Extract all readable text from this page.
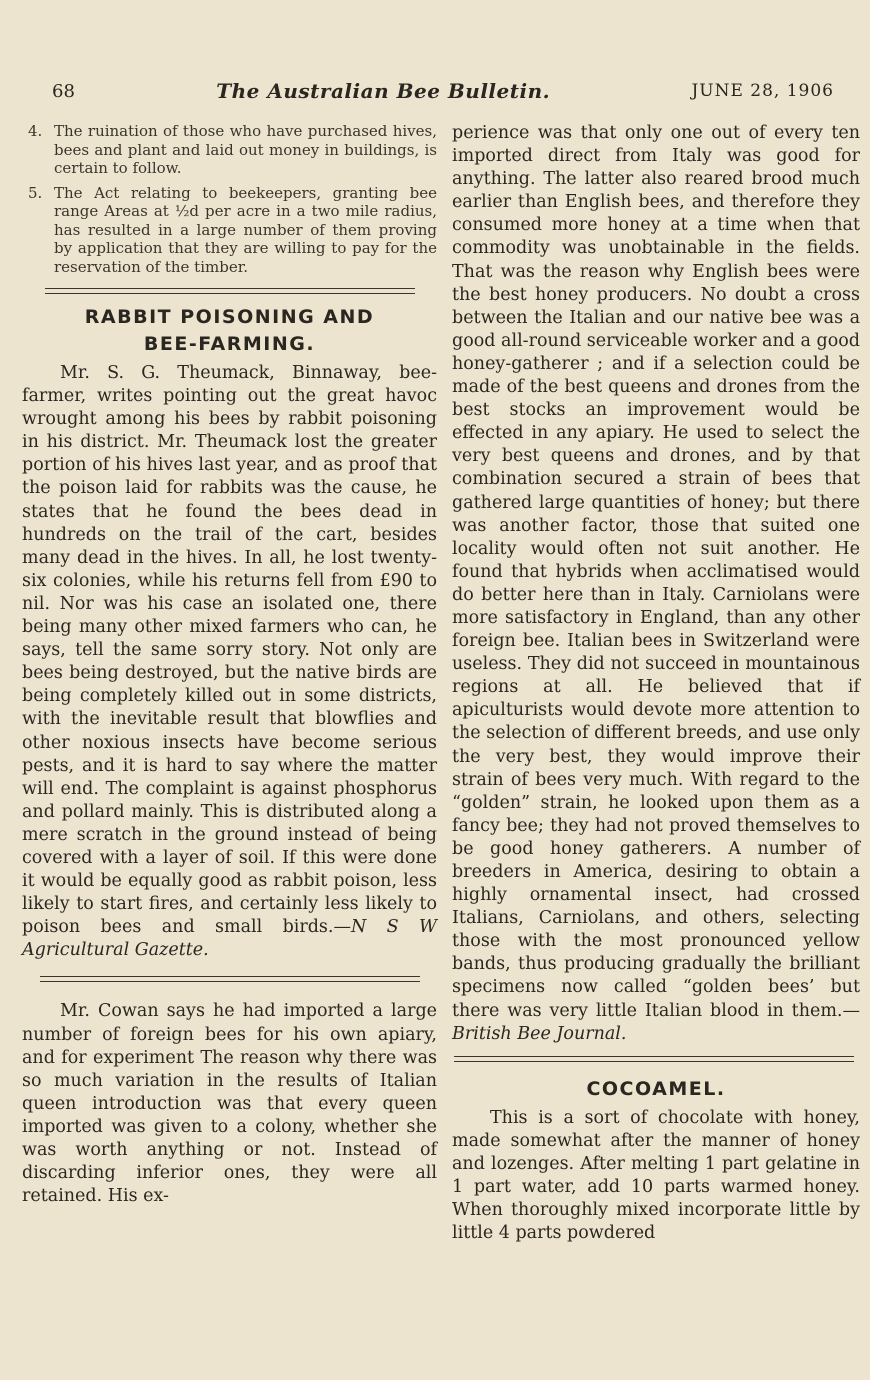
68	The Australian Bee Bulletin.	JUNE 28, 1906
4. The ruination of those who have purchased hives, bees and plant and laid out money in buildings, is certain to follow.
5. The Act relating to beekeepers, granting bee range Areas at ½d per acre in a two mile radius, has resulted in a large number of them proving by application that they are willing to pay for the reservation of the timber.
RABBIT POISONING AND
BEE-FARMING.

Mr. S. G. Theumack, Binnaway, bee-farmer, writes pointing out the great havoc wrought among his bees by rabbit poisoning in his district. Mr. Theumack lost the greater portion of his hives last year, and as proof that the poison laid for rabbits was the cause, he states that he found the bees dead in hundreds on the trail of the cart, besides many dead in the hives. In all, he lost twenty-six colonies, while his returns fell from £90 to nil. Nor was his case an isolated one, there being many other mixed farmers who can, he says, tell the same sorry story. Not only are bees being destroyed, but the native birds are being completely killed out in some districts, with the inevitable result that blowflies and other noxious insects have become serious pests, and it is hard to say where the matter will end. The complaint is against phosphorus and pollard mainly. This is distributed along a mere scratch in the ground instead of being covered with a layer of soil. If this were done it would be equally good as rabbit poison, less likely to start fires, and certainly less likely to poison bees and small birds.—N S W Agricultural Gazette.

Mr. Cowan says he had imported a large number of foreign bees for his own apiary, and for experiment The reason why there was so much variation in the results of Italian queen introduction was that every queen imported was given to a colony, whether she was worth anything or not. Instead of discarding inferior ones, they were all retained. His ex-

perience was that only one out of every ten imported direct from Italy was good for anything. The latter also reared brood much earlier than English bees, and therefore they consumed more honey at a time when that commodity was unobtainable in the fields. That was the reason why English bees were the best honey producers. No doubt a cross between the Italian and our native bee was a good all-round serviceable worker and a good honey-gatherer ; and if a selection could be made of the best queens and drones from the best stocks an improvement would be effected in any apiary. He used to select the very best queens and drones, and by that combination secured a strain of bees that gathered large quantities of honey; but there was another factor, those that suited one locality would often not suit another. He found that hybrids when acclimatised would do better here than in Italy. Carniolans were more satisfactory in England, than any other foreign bee. Italian bees in Switzerland were useless. They did not succeed in mountainous regions at all. He believed that if apiculturists would devote more attention to the selection of different breeds, and use only the very best, they would improve their strain of bees very much. With regard to the “golden” strain, he looked upon them as a fancy bee; they had not proved themselves to be good honey gatherers. A number of breeders in America, desiring to obtain a highly ornamental insect, had crossed Italians, Carniolans, and others, selecting those with the most pronounced yellow bands, thus producing gradually the brilliant specimens now called “golden bees’ but there was very little Italian blood in them.—British Bee Journal.

COCOAMEL.

This is a sort of chocolate with honey, made somewhat after the manner of honey and lozenges. After melting 1 part gelatine in 1 part water, add 10 parts warmed honey. When thoroughly mixed incorporate little by little 4 parts powdered
